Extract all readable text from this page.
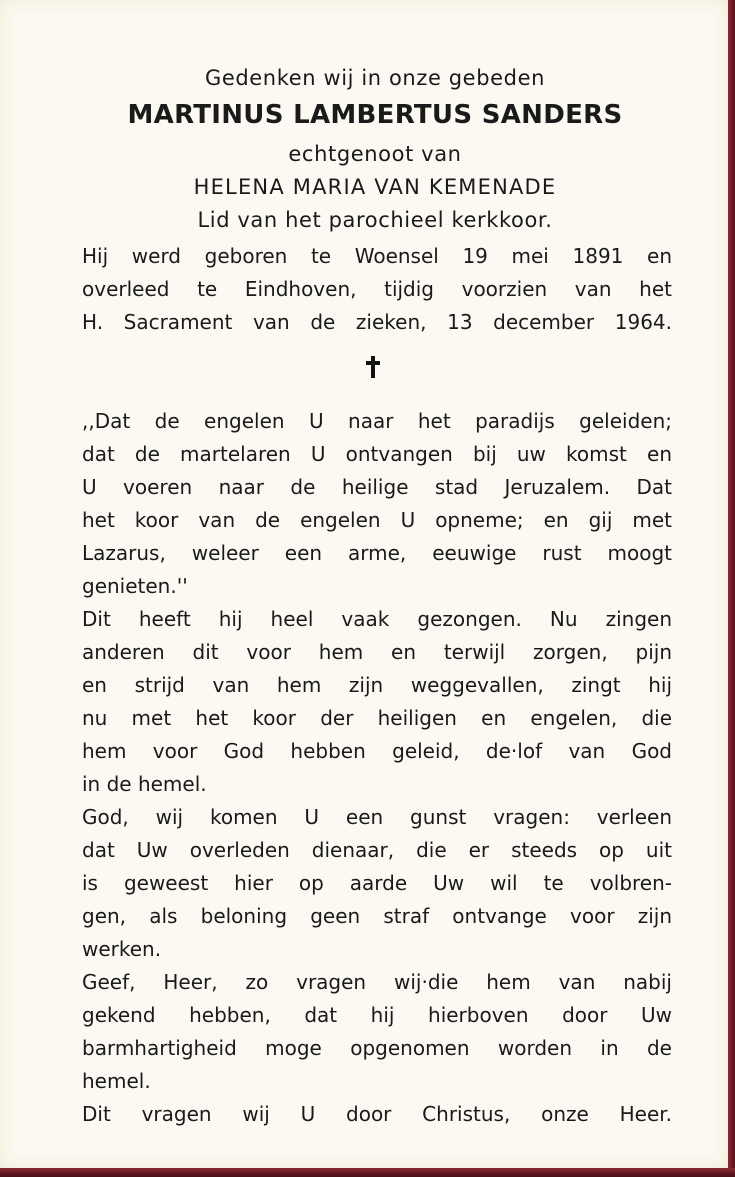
Gedenken wij in onze gebeden
MARTINUS LAMBERTUS SANDERS
echtgenoot van
HELENA MARIA VAN KEMENADE
Lid van het parochieel kerkkoor.
Hij werd geboren te Woensel 19 mei 1891 en
overleed te Eindhoven, tijdig voorzien van het
H. Sacrament van de zieken, 13 december 1964.
,,Dat de engelen U naar het paradijs geleiden;
dat de martelaren U ontvangen bij uw komst en
U voeren naar de heilige stad Jeruzalem. Dat
het koor van de engelen U opneme; en gij met
Lazarus, weleer een arme, eeuwige rust moogt
genieten.''
Dit heeft hij heel vaak gezongen. Nu zingen
anderen dit voor hem en terwijl zorgen, pijn
en strijd van hem zijn weggevallen, zingt hij
nu met het koor der heiligen en engelen, die
hem voor God hebben geleid, de·lof van God
in de hemel.
God, wij komen U een gunst vragen: verleen
dat Uw overleden dienaar, die er steeds op uit
is geweest hier op aarde Uw wil te volbren-
gen, als beloning geen straf ontvange voor zijn
werken.
Geef, Heer, zo vragen wij·die hem van nabij
gekend hebben, dat hij hierboven door Uw
barmhartigheid moge opgenomen worden in de
hemel.
Dit vragen wij U door Christus, onze Heer.
